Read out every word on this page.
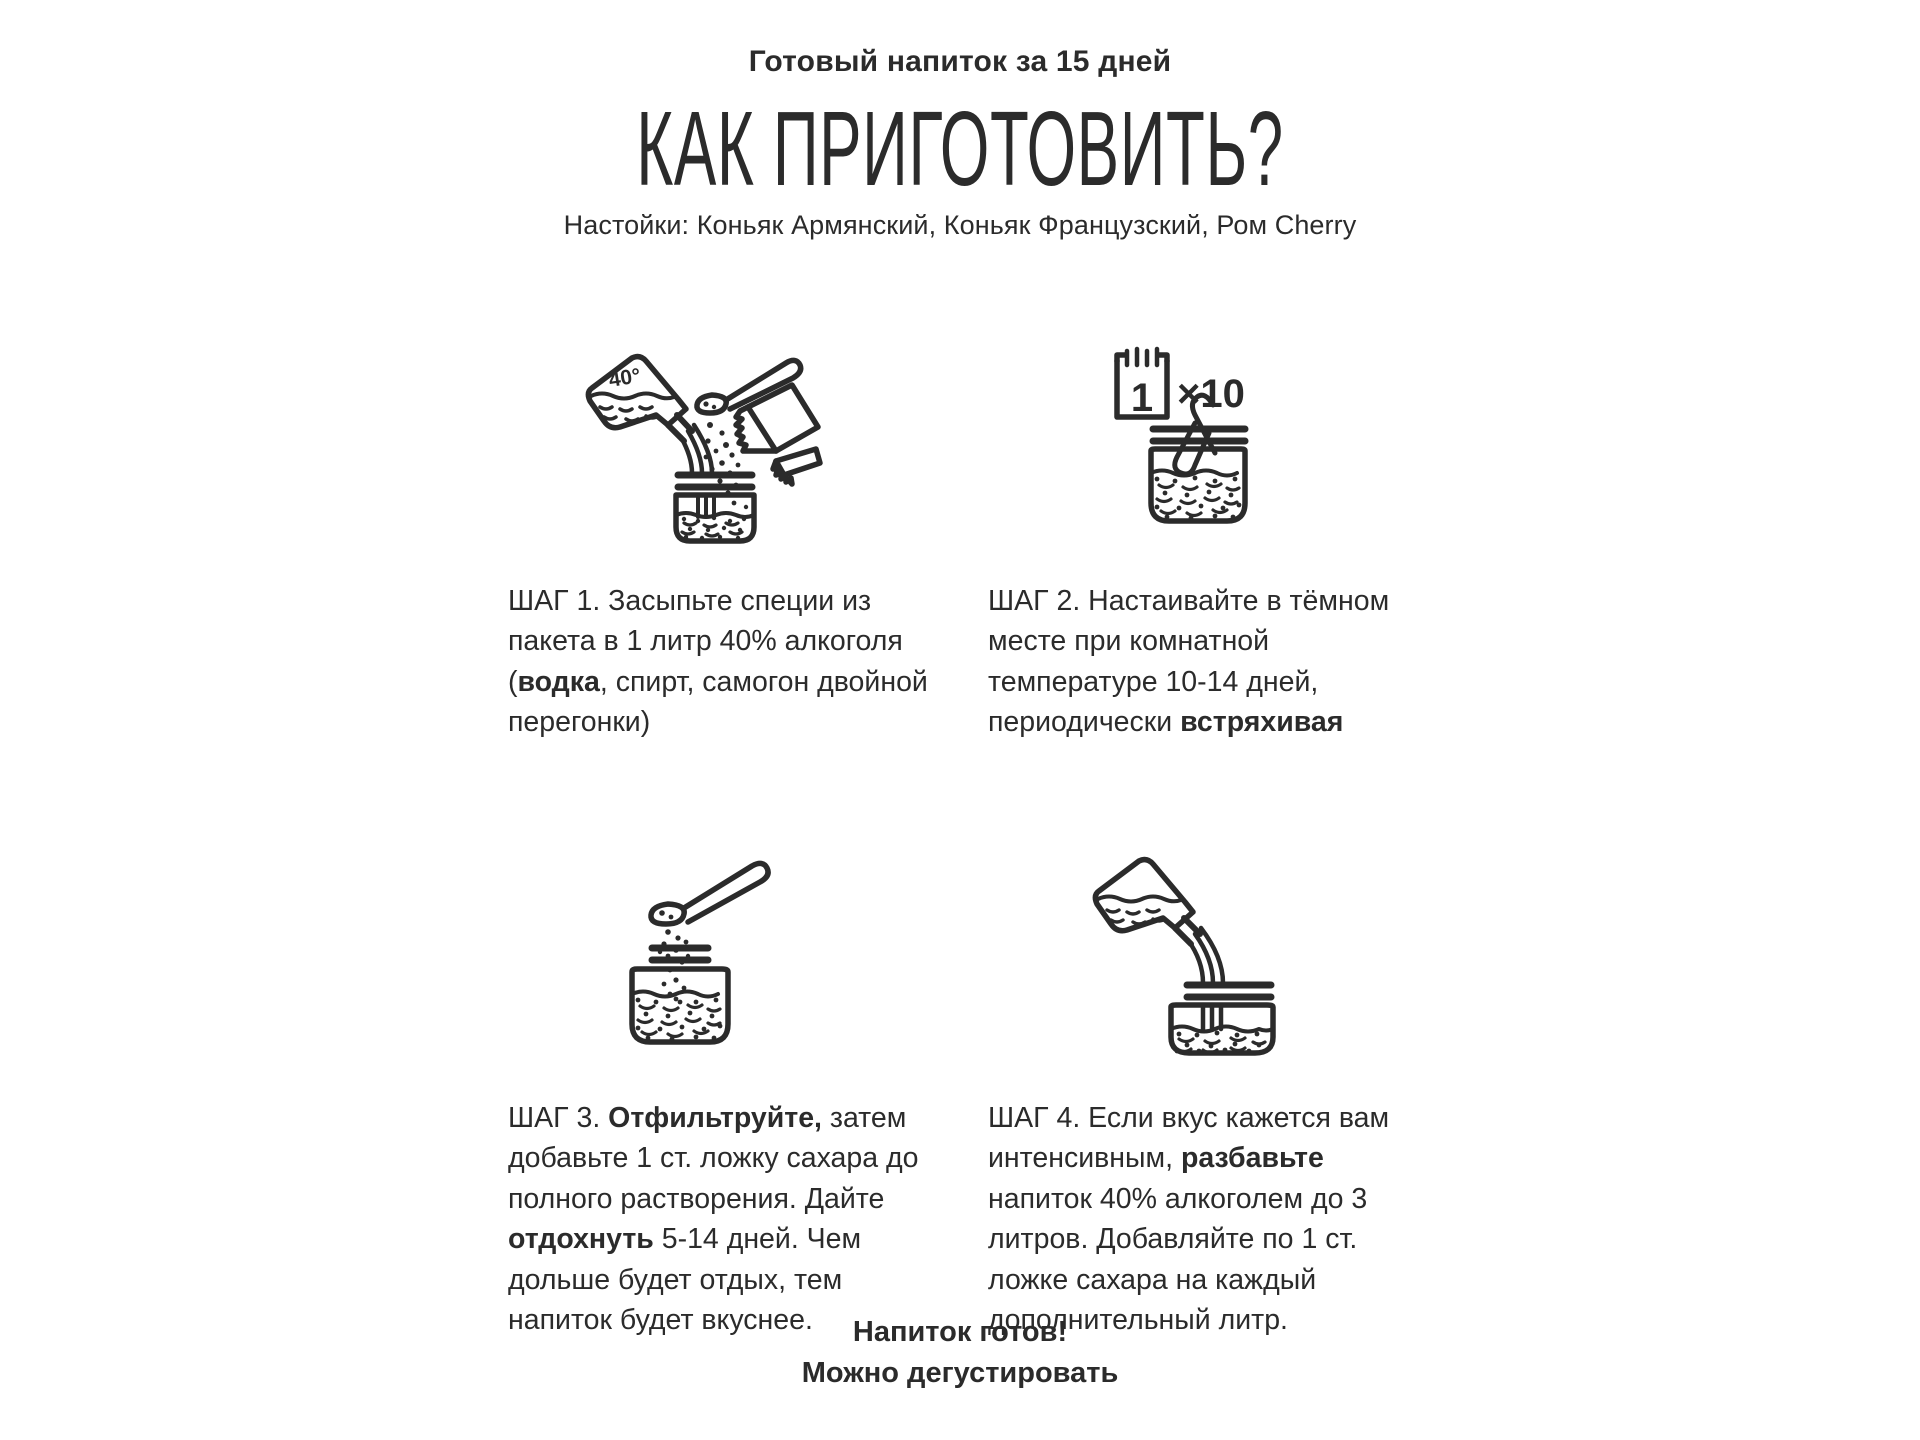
Готовый напиток за 15 дней
КАК ПРИГОТОВИТЬ?
Настойки: Коньяк Армянский, Коньяк Французский, Ром Cherry
40°
ШАГ 1. Засыпьте специи из пакета в 1 литр 40% алкоголя (водка, спирт, самогон двойной перегонки)
1 ×10
ШАГ 2. Настаивайте в тёмном месте при комнатной температуре 10-14 дней, периодически встряхивая
ШАГ 3. Отфильтруйте, затем добавьте 1 ст. ложку сахара до полного растворения. Дайте отдохнуть 5-14 дней. Чем дольше будет отдых, тем напиток будет вкуснее.
ШАГ 4. Если вкус кажется вам интенсивным, разбавьте напиток 40% алкоголем до 3 литров. Добавляйте по 1 ст. ложке сахара на каждый дополнительный литр.
Напиток готов!
Можно дегустировать
